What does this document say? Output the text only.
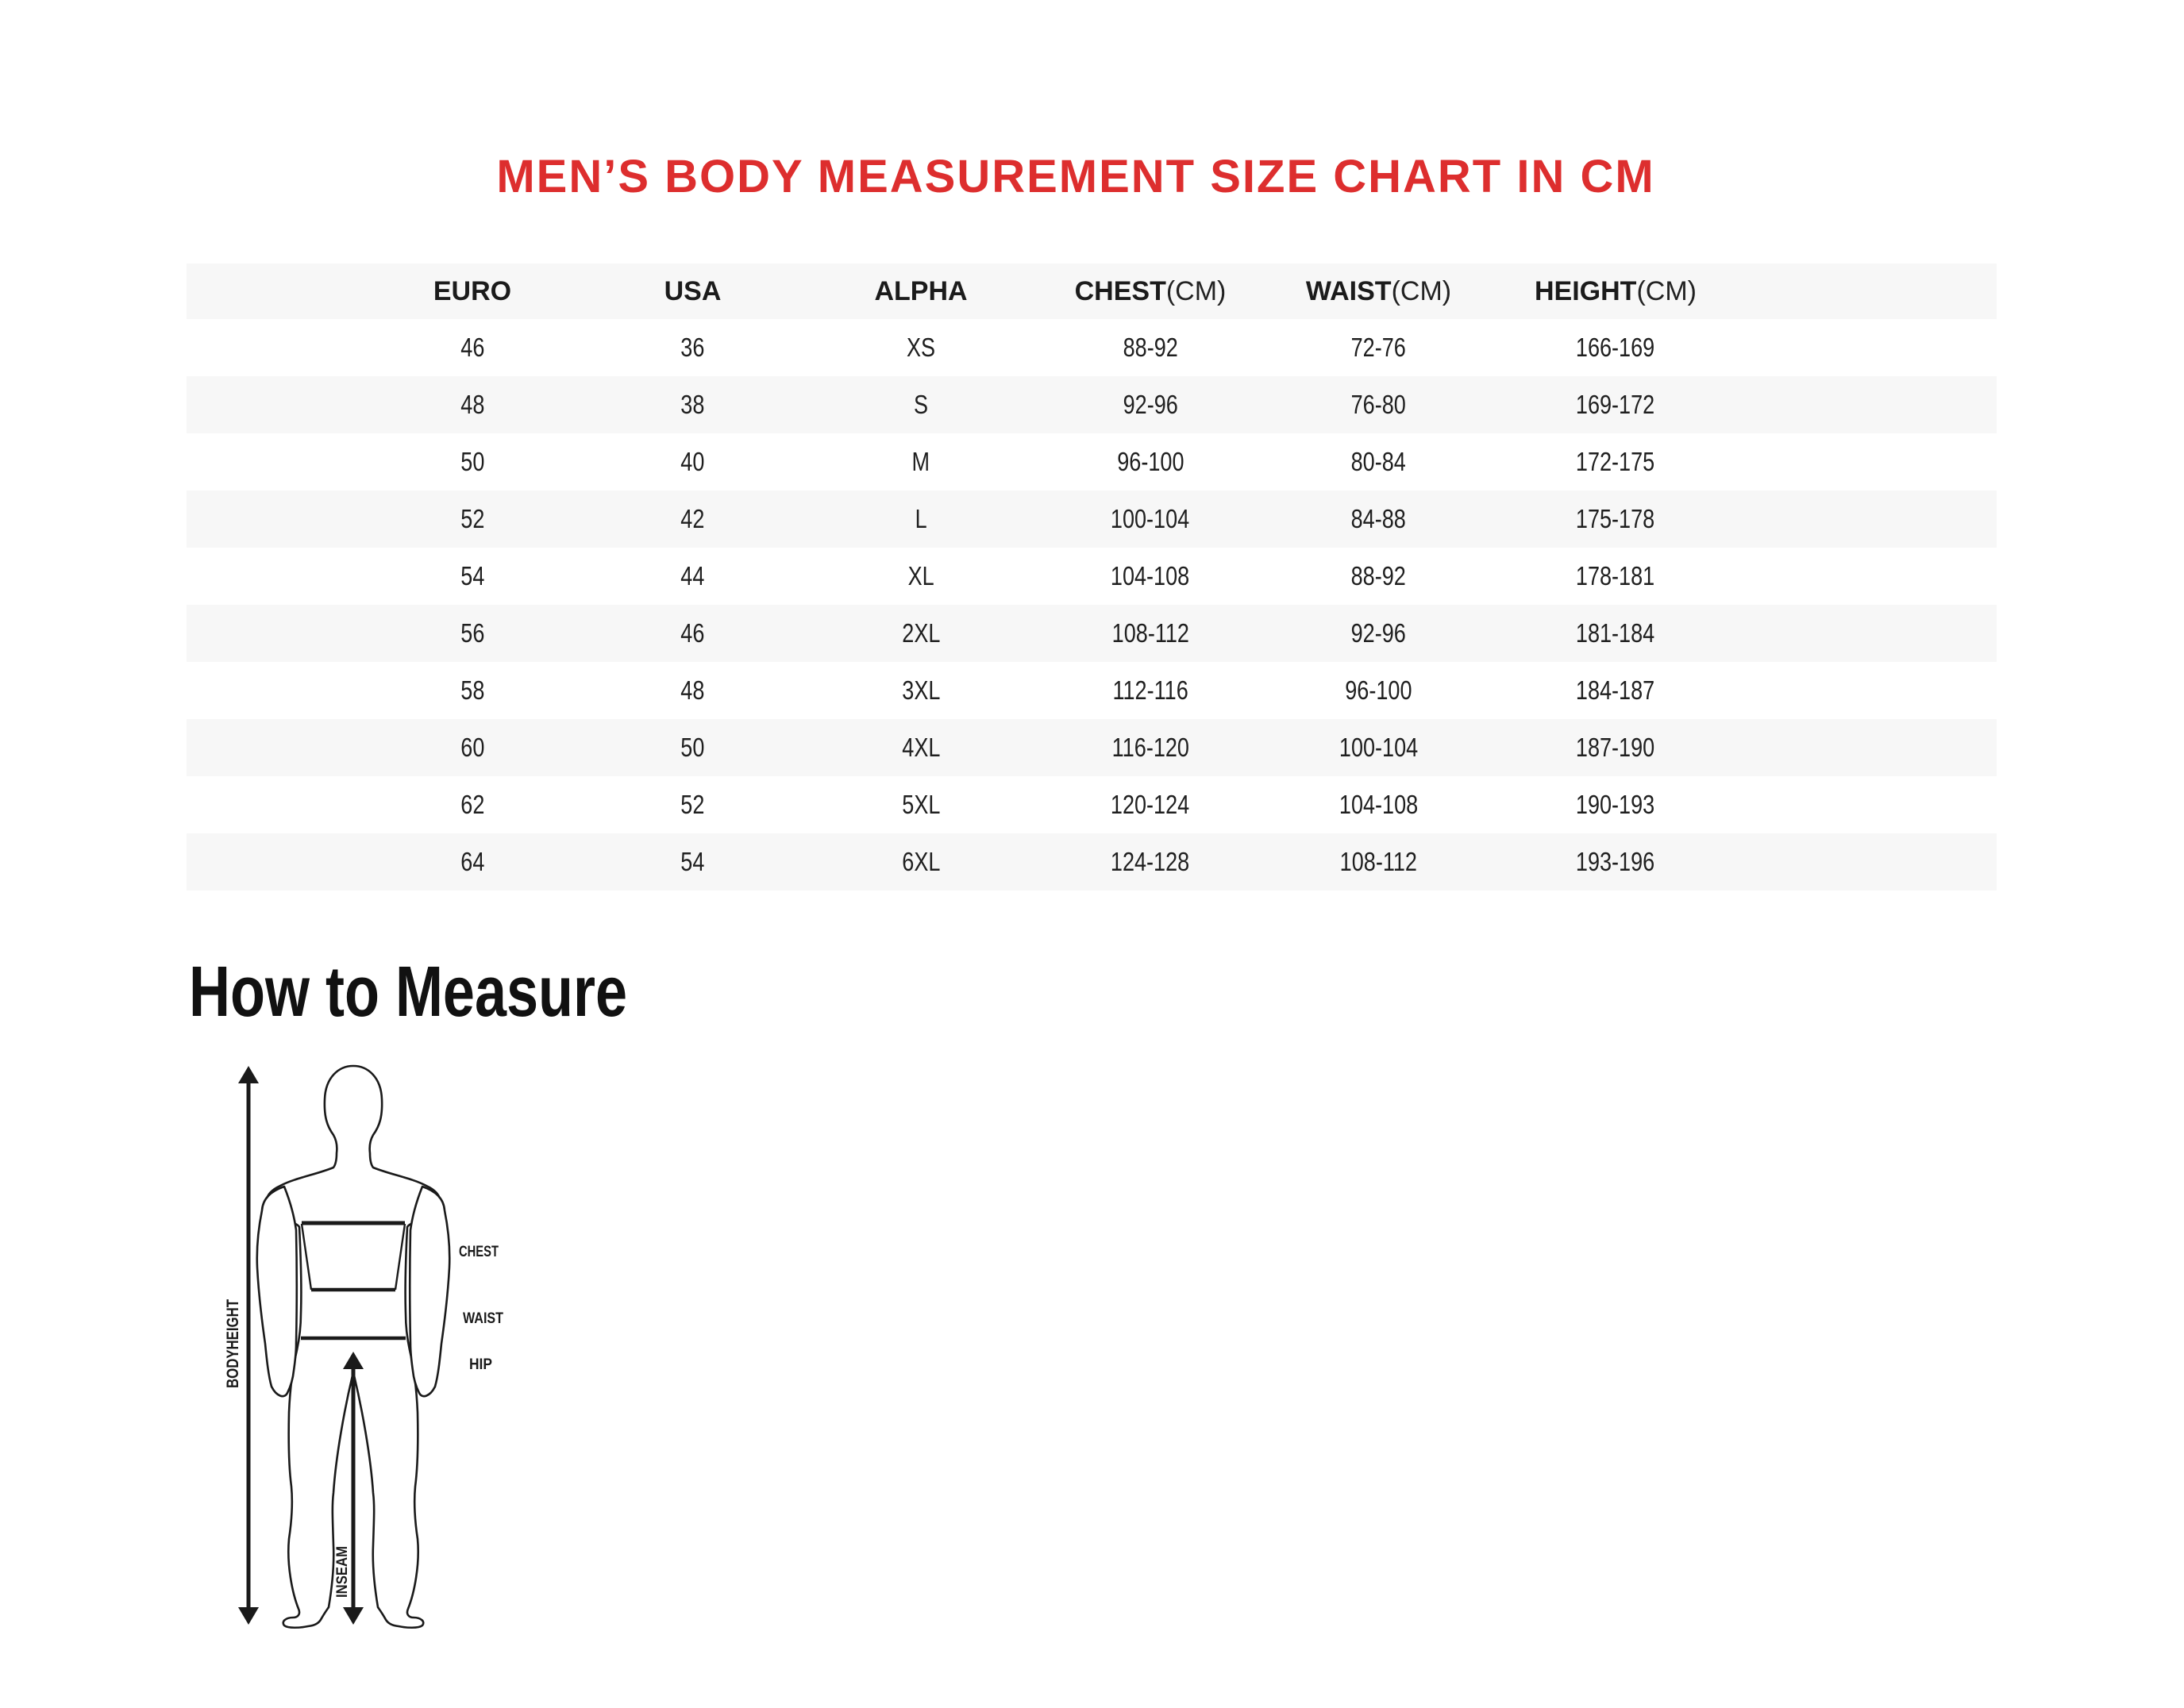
MEN’S BODY MEASUREMENT SIZE CHART IN CM
	EURO	USA	ALPHA	CHEST(CM)	WAIST(CM)	HEIGHT(CM)	
	46	36	XS	88-92	72-76	166-169	
	48	38	S	92-96	76-80	169-172	
	50	40	M	96-100	80-84	172-175	
	52	42	L	100-104	84-88	175-178	
	54	44	XL	104-108	88-92	178-181	
	56	46	2XL	108-112	92-96	181-184	
	58	48	3XL	112-116	96-100	184-187	
	60	50	4XL	116-120	100-104	187-190	
	62	52	5XL	120-124	104-108	190-193	
	64	54	6XL	124-128	108-112	193-196	
How to Measure
CHEST
WAIST
HIP
BODYHEIGHT
INSEAM
